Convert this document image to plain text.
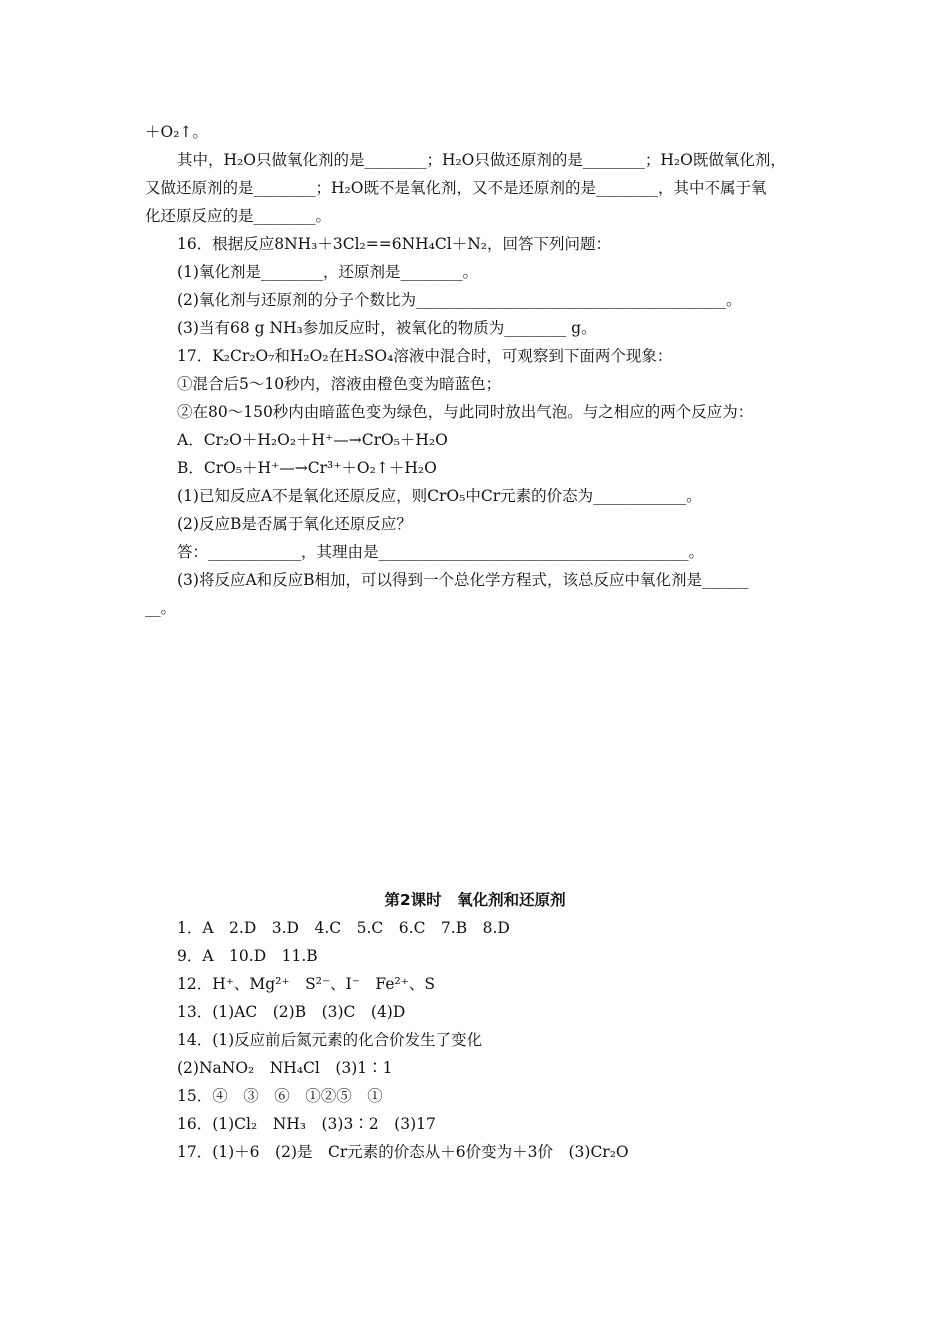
＋O₂↑。
其中，H₂O只做氧化剂的是________；H₂O只做还原剂的是________；H₂O既做氧化剂，
又做还原剂的是________；H₂O既不是氧化剂，又不是还原剂的是________，其中不属于氧
化还原反应的是________。
16．根据反应8NH₃＋3Cl₂==6NH₄Cl＋N₂，回答下列问题：
(1)氧化剂是________，还原剂是________。
(2)氧化剂与还原剂的分子个数比为________________________________________。
(3)当有68 g NH₃参加反应时，被氧化的物质为________ g。
17．K₂Cr₂O₇和H₂O₂在H₂SO₄溶液中混合时，可观察到下面两个现象：
①混合后5～10秒内，溶液由橙色变为暗蓝色；
②在80～150秒内由暗蓝色变为绿色，与此同时放出气泡。与之相应的两个反应为：
A．Cr₂O＋H₂O₂＋H⁺—→CrO₅＋H₂O
B．CrO₅＋H⁺—→Cr³⁺＋O₂↑＋H₂O
(1)已知反应A不是氧化还原反应，则CrO₅中Cr元素的价态为____________。
(2)反应B是否属于氧化还原反应？
答：____________，其理由是________________________________________。
(3)将反应A和反应B相加，可以得到一个总化学方程式，该总反应中氧化剂是______
__。
第2课时　氧化剂和还原剂
1．A　2.D　3.D　4.C　5.C　6.C　7.B　8.D
9．A　10.D　11.B
12．H⁺、Mg²⁺　S²⁻、I⁻　Fe²⁺、S
13．(1)AC　(2)B　(3)C　(4)D
14．(1)反应前后氮元素的化合价发生了变化
(2)NaNO₂　NH₄Cl　(3)1∶1
15．④　③　⑥　①②⑤　①
16．(1)Cl₂　NH₃　(3)3∶2　(3)17
17．(1)＋6　(2)是　Cr元素的价态从＋6价变为＋3价　(3)Cr₂O
